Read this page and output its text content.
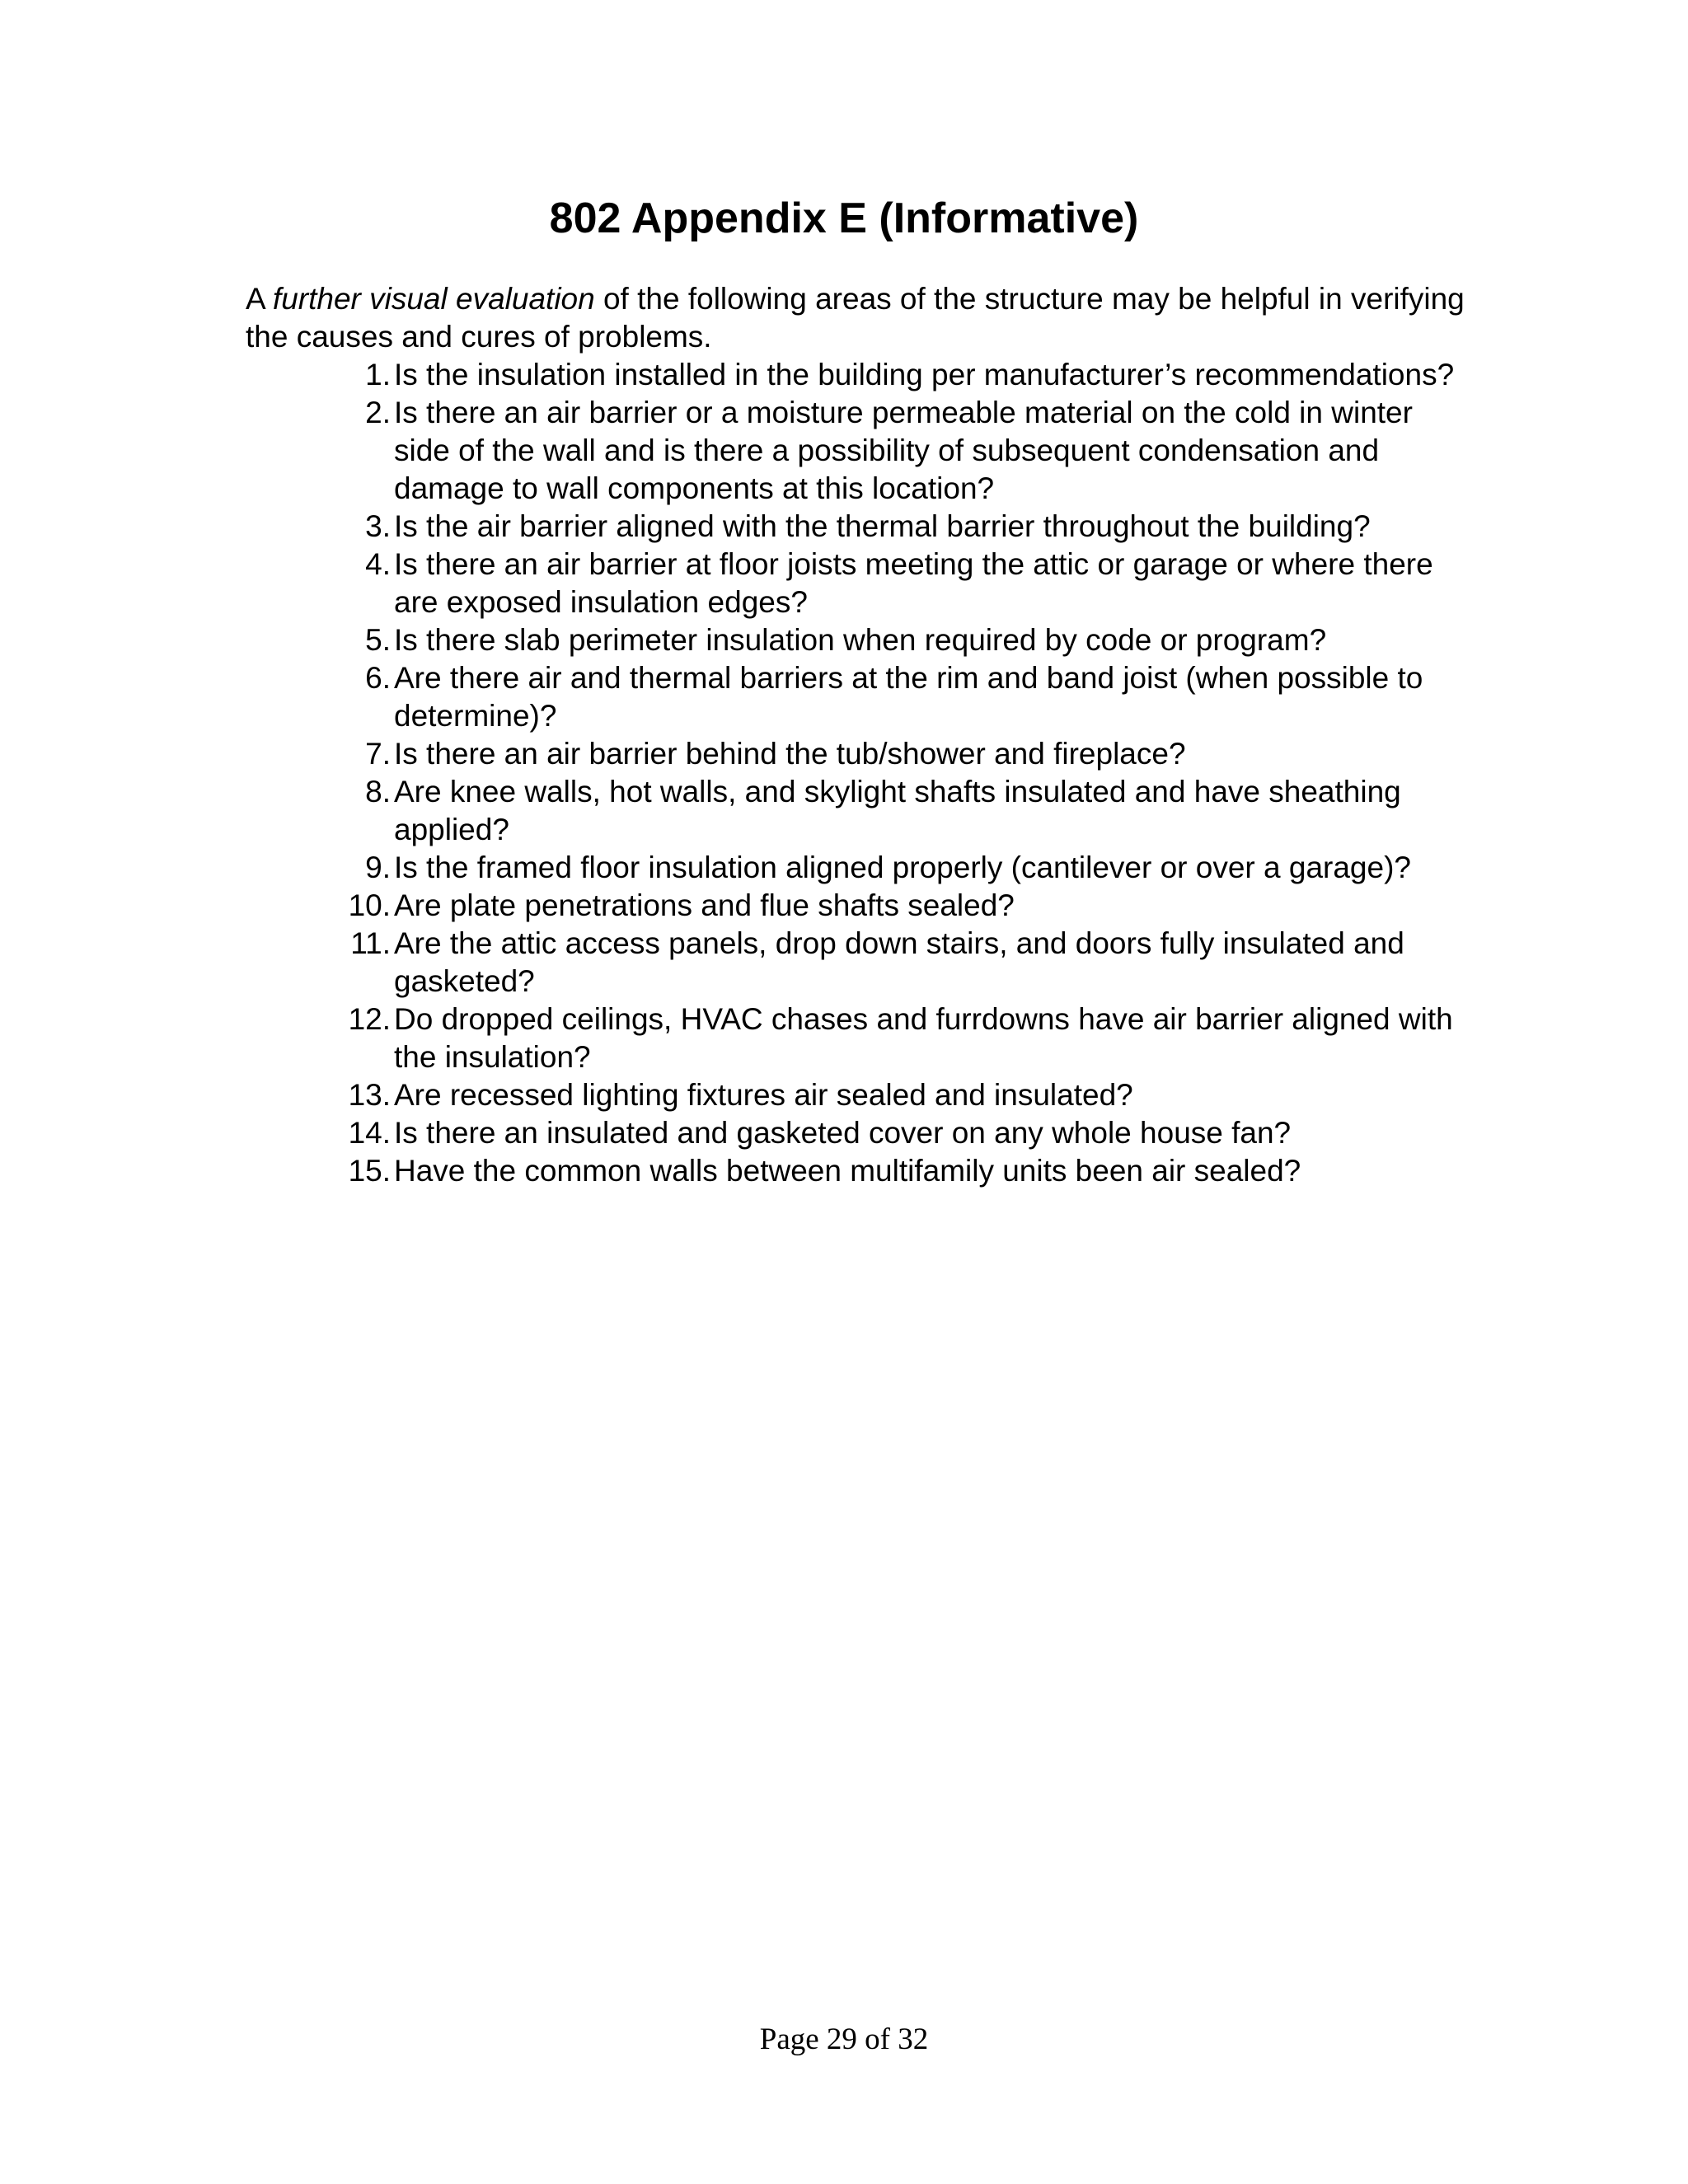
802 Appendix E (Informative)

A further visual evaluation of the following areas of the structure may be helpful in verifying the causes and cures of problems.

1. Is the insulation installed in the building per manufacturer’s recommendations?
2. Is there an air barrier or a moisture permeable material on the cold in winter side of the wall and is there a possibility of subsequent condensation and damage to wall components at this location?
3. Is the air barrier aligned with the thermal barrier throughout the building?
4. Is there an air barrier at floor joists meeting the attic or garage or where there are exposed insulation edges?
5. Is there slab perimeter insulation when required by code or program?
6. Are there air and thermal barriers at the rim and band joist (when possible to determine)?
7. Is there an air barrier behind the tub/shower and fireplace?
8. Are knee walls, hot walls, and skylight shafts insulated and have sheathing applied?
9. Is the framed floor insulation aligned properly (cantilever or over a garage)?
10. Are plate penetrations and flue shafts sealed?
11. Are the attic access panels, drop down stairs, and doors fully insulated and gasketed?
12. Do dropped ceilings, HVAC chases and furrdowns have air barrier aligned with the insulation?
13. Are recessed lighting fixtures air sealed and insulated?
14. Is there an insulated and gasketed cover on any whole house fan?
15. Have the common walls between multifamily units been air sealed?
Page 29 of 32
